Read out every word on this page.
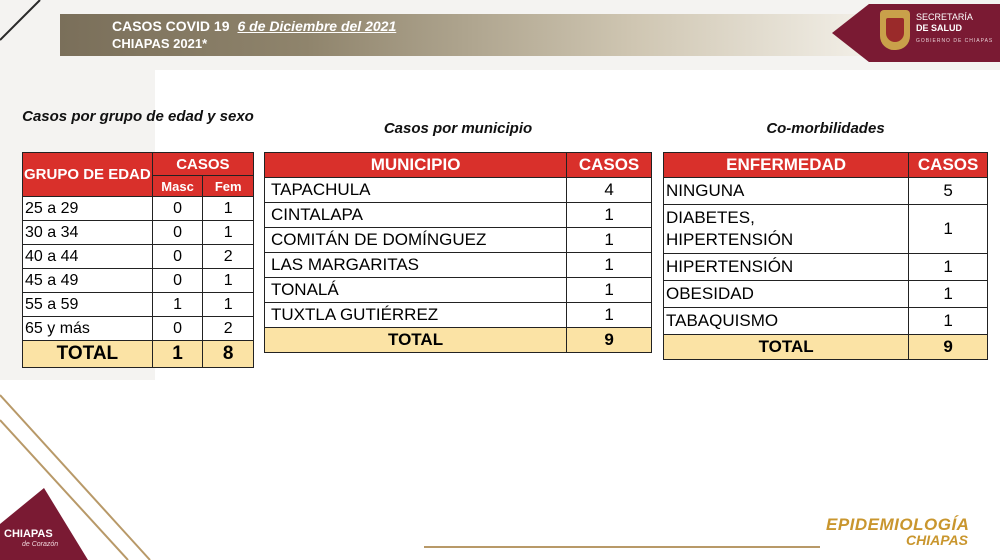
CASOS COVID 19 6 de Diciembre del 2021
CHIAPAS 2021*
SECRETARÍA
DE SALUD
GOBIERNO DE CHIAPAS
Casos por grupo de edad y sexo
Casos por municipio	Co-morbilidades
GRUPO DE EDAD	CASOS	
	Masc	Fem
25 a 29	0	1
30 a 34	0	1
40 a 44	0	2
45 a 49	0	1
55 a 59	1	1
65 y más	0	2
TOTAL	1	8
MUNICIPIO	CASOS
TAPACHULA	4
CINTALAPA	1
COMITÁN DE DOMÍNGUEZ	1
LAS MARGARITAS	1
TONALÁ	1
TUXTLA GUTIÉRREZ	1
TOTAL	9
ENFERMEDAD	CASOS
NINGUNA	5

DIABETES,
HIPERTENSIÓN	1
HIPERTENSIÓN	1
OBESIDAD	1
TABAQUISMO	1
TOTAL	9
CHIAPAS
de Corazón
EPIDEMIOLOGÍA
CHIAPAS
